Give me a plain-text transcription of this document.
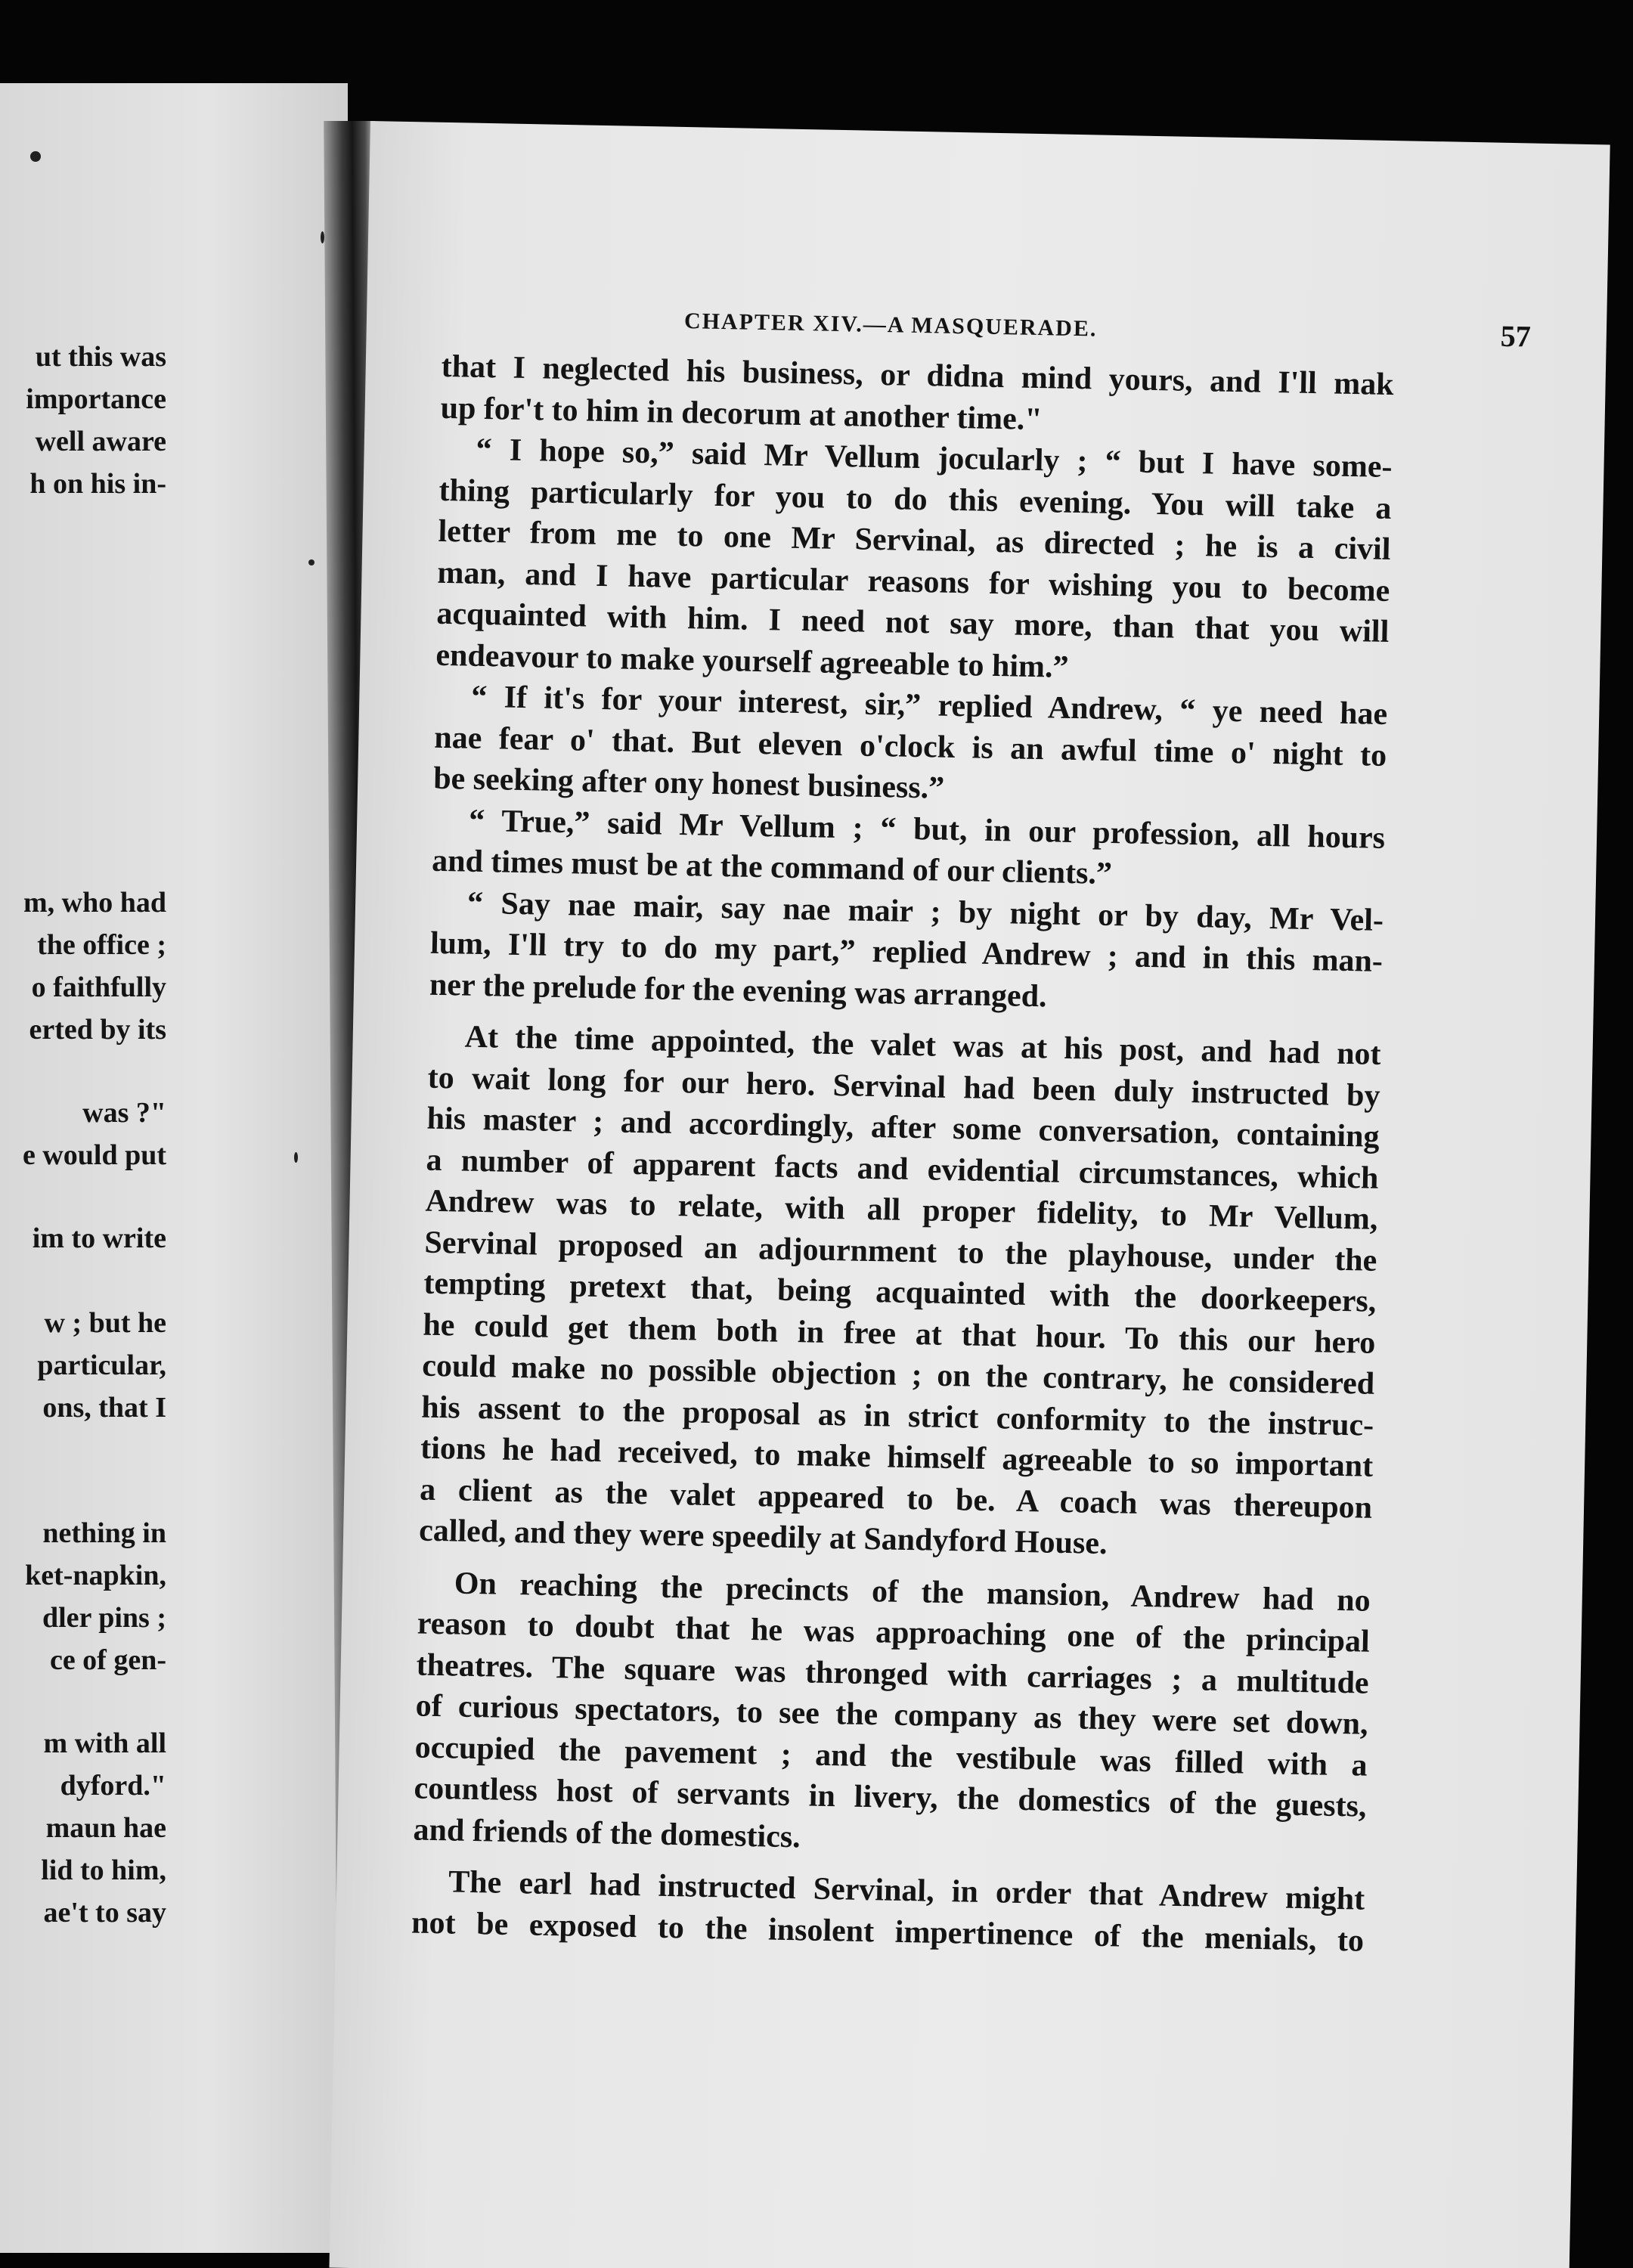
ut this was
importance
well aware
h on his in-
m, who had
the office ;
o faithfully
erted by its
was ?"
e would put
im to write
w ; but he
particular,
ons, that I
nething in
ket-napkin,
dler pins ;
ce of gen-
m with all
dyford."
maun hae
lid to him,
ae't to say
CHAPTER XIV.—A MASQUERADE.	57
that I neglected his business, or didna mind yours, and I'll mak
up for't to him in decorum at another time."
“ I hope so,” said Mr Vellum jocularly ; “ but I have some-
thing particularly for you to do this evening. You will take a
letter from me to one Mr Servinal, as directed ; he is a civil
man, and I have particular reasons for wishing you to become
acquainted with him. I need not say more, than that you will
endeavour to make yourself agreeable to him.”
“ If it's for your interest, sir,” replied Andrew, “ ye need hae
nae fear o' that. But eleven o'clock is an awful time o' night to
be seeking after ony honest business.”
“ True,” said Mr Vellum ; “ but, in our profession, all hours
and times must be at the command of our clients.”
“ Say nae mair, say nae mair ; by night or by day, Mr Vel-
lum, I'll try to do my part,” replied Andrew ; and in this man-
ner the prelude for the evening was arranged.
At the time appointed, the valet was at his post, and had not
to wait long for our hero. Servinal had been duly instructed by
his master ; and accordingly, after some conversation, containing
a number of apparent facts and evidential circumstances, which
Andrew was to relate, with all proper fidelity, to Mr Vellum,
Servinal proposed an adjournment to the playhouse, under the
tempting pretext that, being acquainted with the doorkeepers,
he could get them both in free at that hour. To this our hero
could make no possible objection ; on the contrary, he considered
his assent to the proposal as in strict conformity to the instruc-
tions he had received, to make himself agreeable to so important
a client as the valet appeared to be. A coach was thereupon
called, and they were speedily at Sandyford House.
On reaching the precincts of the mansion, Andrew had no
reason to doubt that he was approaching one of the principal
theatres. The square was thronged with carriages ; a multitude
of curious spectators, to see the company as they were set down,
occupied the pavement ; and the vestibule was filled with a
countless host of servants in livery, the domestics of the guests,
and friends of the domestics.
The earl had instructed Servinal, in order that Andrew might
not be exposed to the insolent impertinence of the menials, to
